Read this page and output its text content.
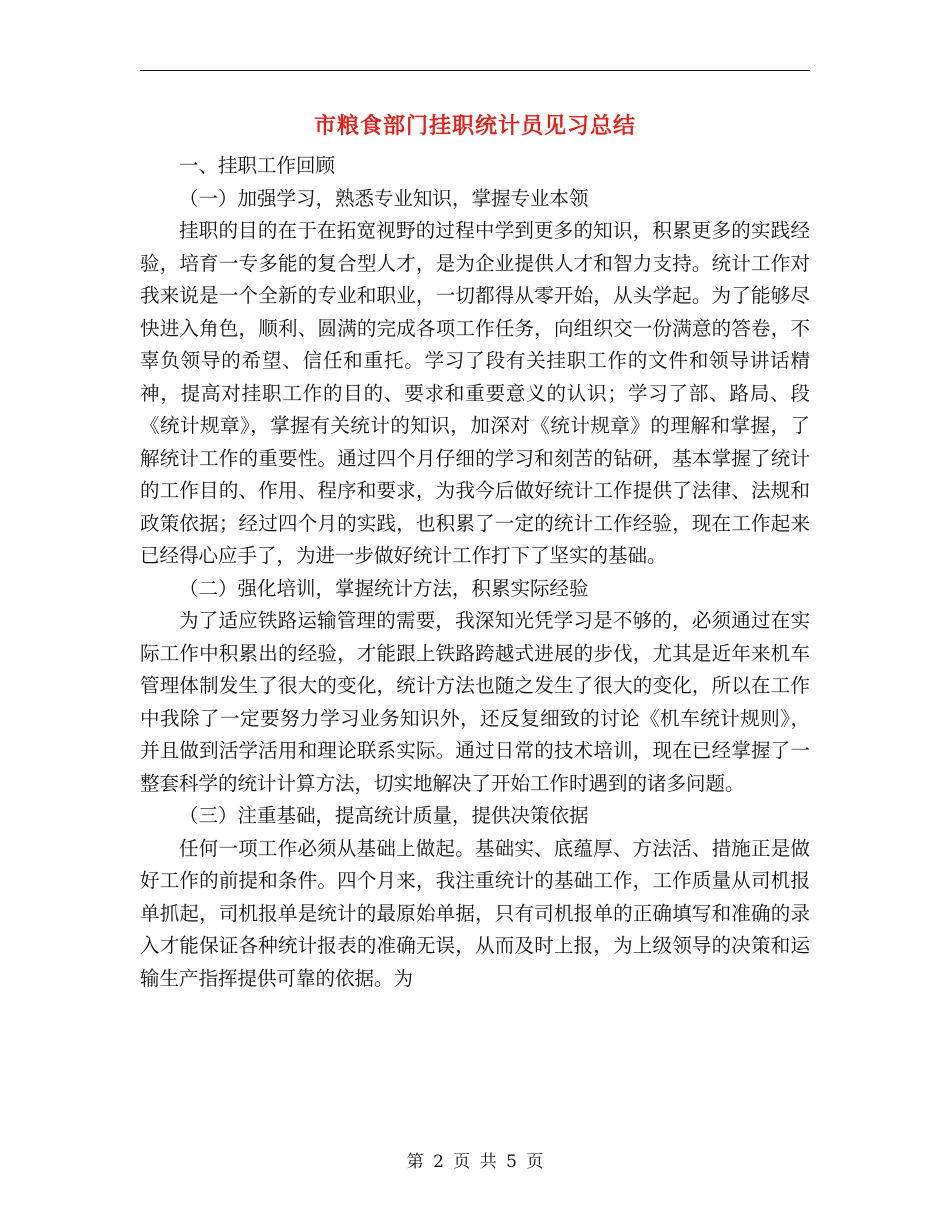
市粮食部门挂职统计员见习总结

一、挂职工作回顾

（一）加强学习，熟悉专业知识，掌握专业本领

挂职的目的在于在拓宽视野的过程中学到更多的知识，积累更多的实践经验，培育一专多能的复合型人才，是为企业提供人才和智力支持。统计工作对我来说是一个全新的专业和职业，一切都得从零开始，从头学起。为了能够尽快进入角色，顺利、圆满的完成各项工作任务，向组织交一份满意的答卷，不辜负领导的希望、信任和重托。学习了段有关挂职工作的文件和领导讲话精神，提高对挂职工作的目的、要求和重要意义的认识；学习了部、路局、段《统计规章》，掌握有关统计的知识，加深对《统计规章》的理解和掌握，了解统计工作的重要性。通过四个月仔细的学习和刻苦的钻研，基本掌握了统计的工作目的、作用、程序和要求，为我今后做好统计工作提供了法律、法规和政策依据；经过四个月的实践，也积累了一定的统计工作经验，现在工作起来已经得心应手了，为进一步做好统计工作打下了坚实的基础。

（二）强化培训，掌握统计方法，积累实际经验

为了适应铁路运输管理的需要，我深知光凭学习是不够的，必须通过在实际工作中积累出的经验，才能跟上铁路跨越式进展的步伐，尤其是近年来机车管理体制发生了很大的变化，统计方法也随之发生了很大的变化，所以在工作中我除了一定要努力学习业务知识外，还反复细致的讨论《机车统计规则》，并且做到活学活用和理论联系实际。通过日常的技术培训，现在已经掌握了一整套科学的统计计算方法，切实地解决了开始工作时遇到的诸多问题。

（三）注重基础，提高统计质量，提供决策依据

任何一项工作必须从基础上做起。基础实、底蕴厚、方法活、措施正是做好工作的前提和条件。四个月来，我注重统计的基础工作，工作质量从司机报单抓起，司机报单是统计的最原始单据，只有司机报单的正确填写和准确的录入才能保证各种统计报表的准确无误，从而及时上报，为上级领导的决策和运输生产指挥提供可靠的依据。为

第 2 页 共 5 页
